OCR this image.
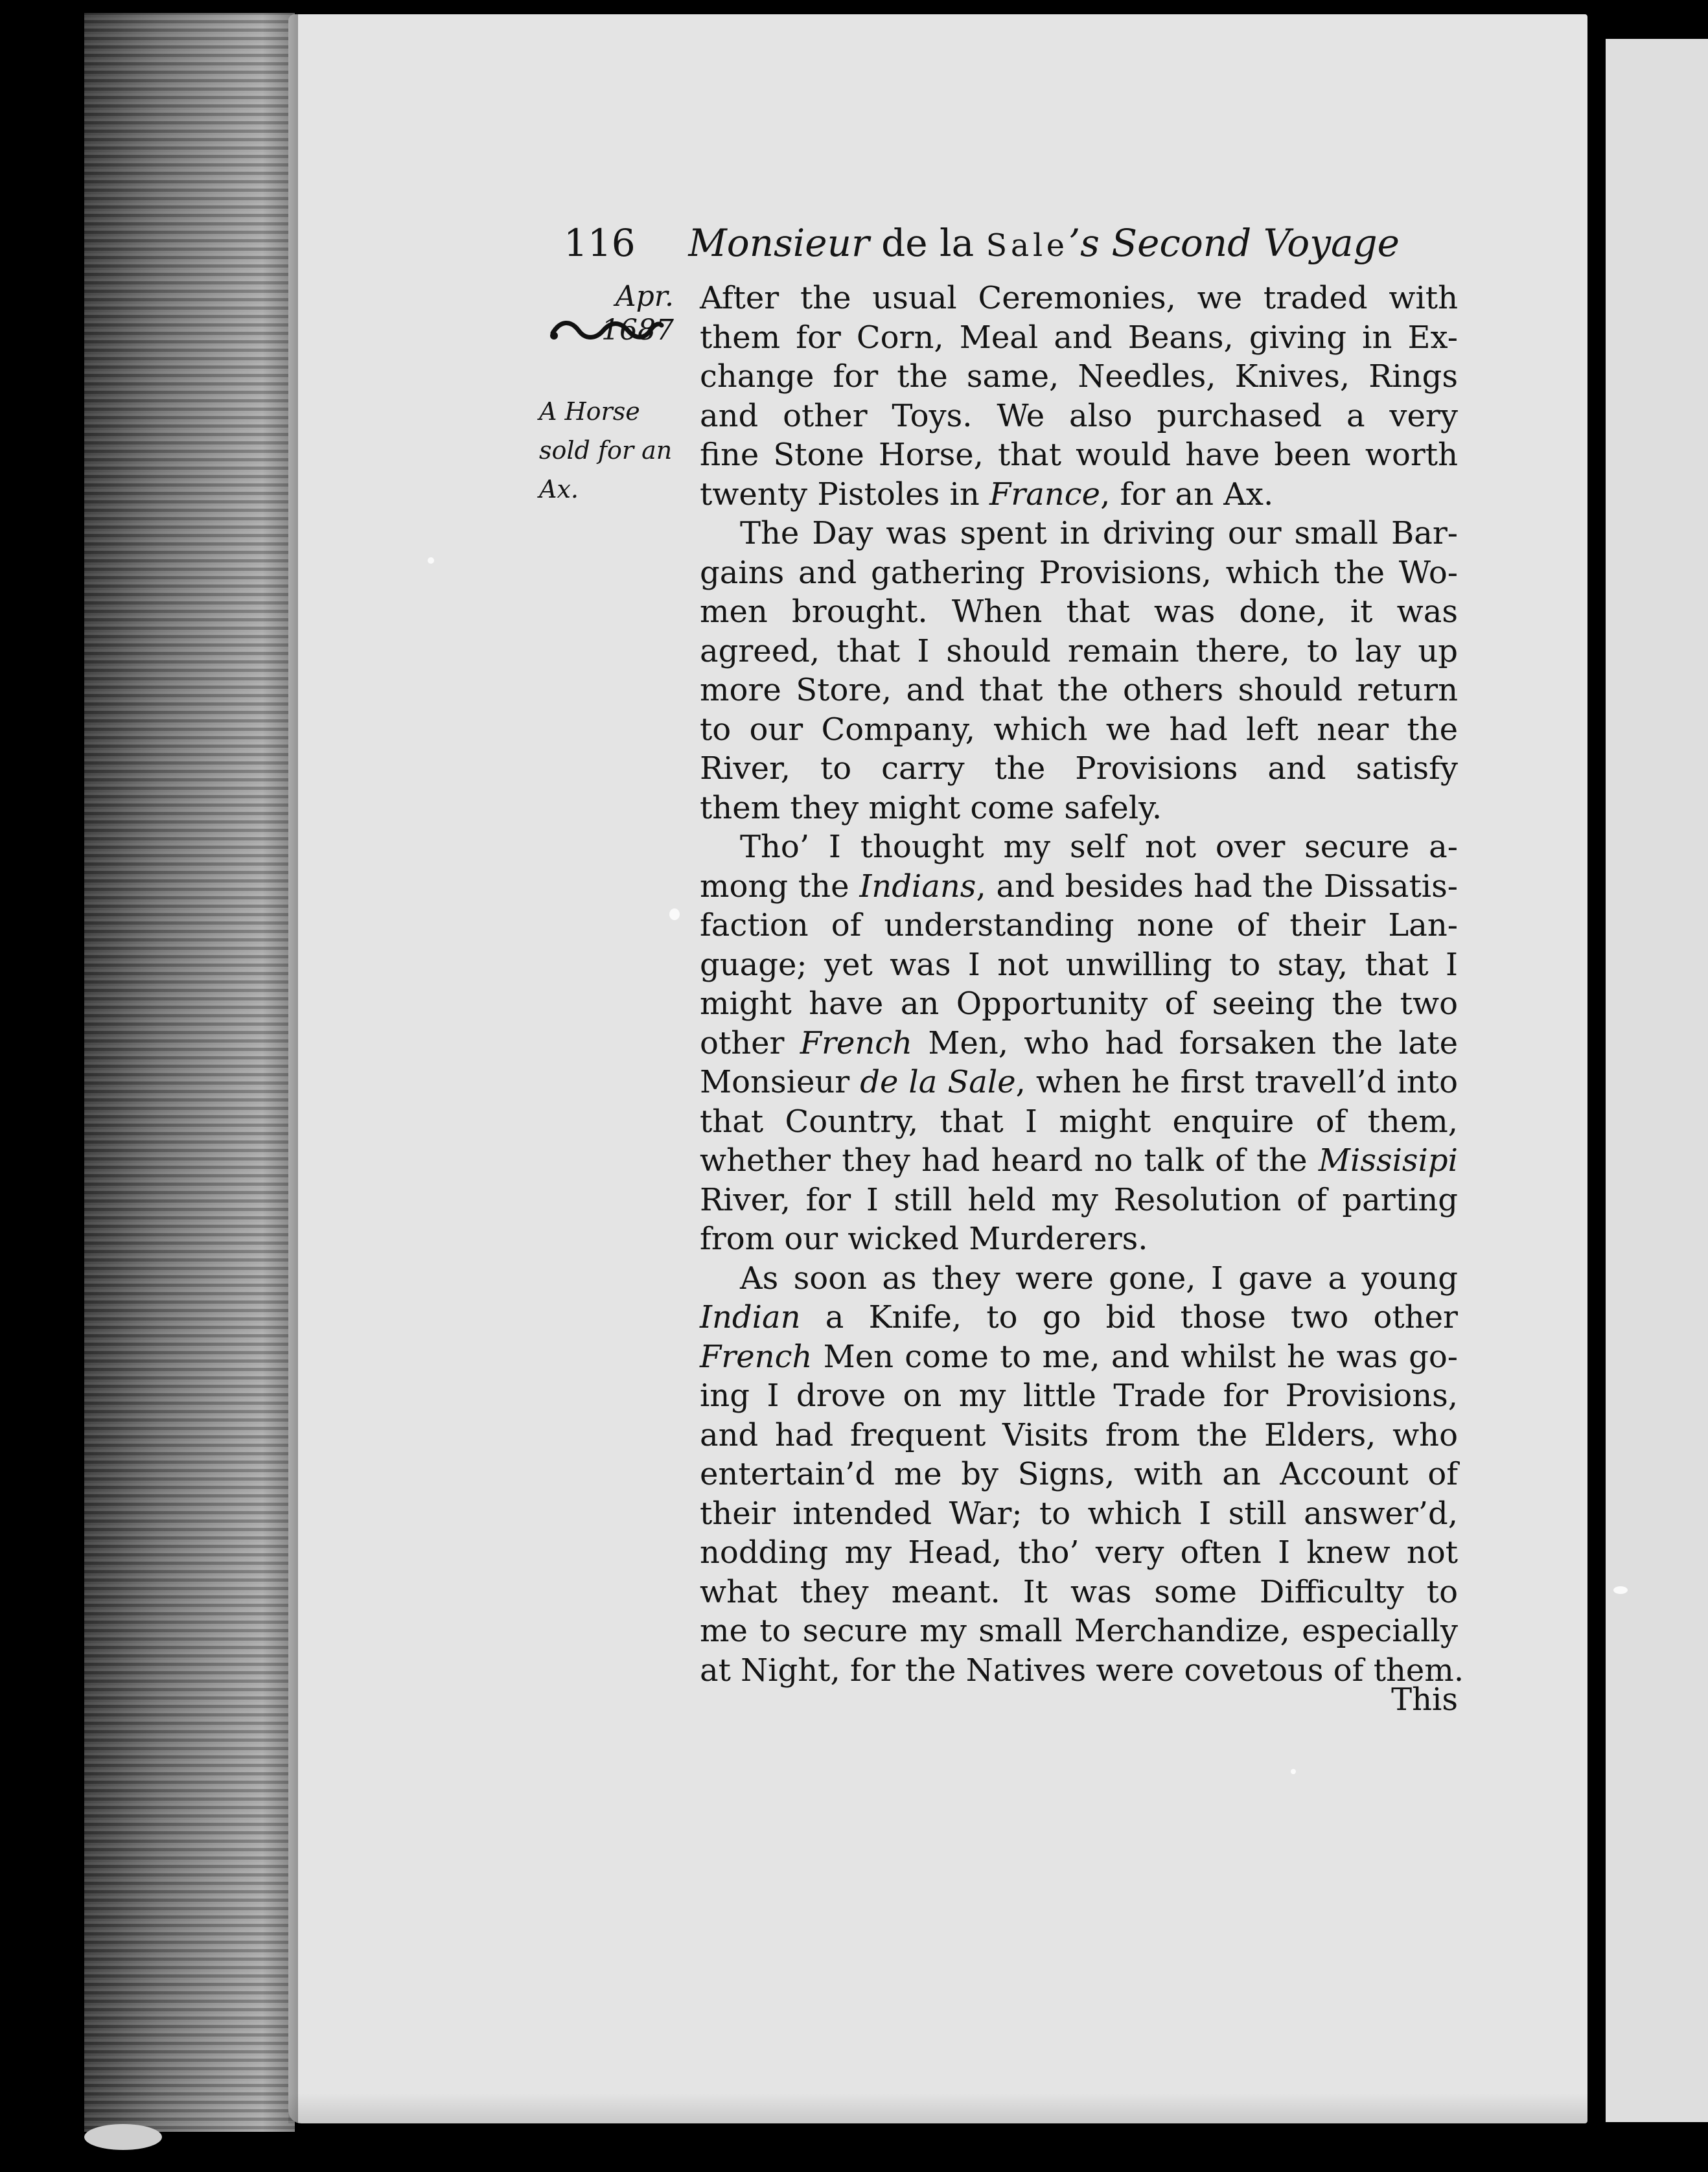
116 Monsieur de la Sale’s Second Voyage
Apr. 1687
A Horse
sold for an
Ax.
After the usual Ceremonies, we traded with
them for Corn, Meal and Beans, giving in Ex-
change for the same, Needles, Knives, Rings
and other Toys. We also purchased a very
fine Stone Horse, that would have been worth
twenty Pistoles in France, for an Ax.
The Day was spent in driving our small Bar-
gains and gathering Provisions, which the Wo-
men brought. When that was done, it was
agreed, that I should remain there, to lay up
more Store, and that the others should return
to our Company, which we had left near the
River, to carry the Provisions and satisfy
them they might come safely.
Tho’ I thought my self not over secure a-
mong the Indians, and besides had the Dissatis-
faction of understanding none of their Lan-
guage; yet was I not unwilling to stay, that I
might have an Opportunity of seeing the two
other French Men, who had forsaken the late
Monsieur de la Sale, when he first travell’d into
that Country, that I might enquire of them,
whether they had heard no talk of the Missisipi
River, for I still held my Resolution of parting
from our wicked Murderers.
As soon as they were gone, I gave a young
Indian a Knife, to go bid those two other
French Men come to me, and whilst he was go-
ing I drove on my little Trade for Provisions,
and had frequent Visits from the Elders, who
entertain’d me by Signs, with an Account of
their intended War; to which I still answer’d,
nodding my Head, tho’ very often I knew not
what they meant. It was some Difficulty to
me to secure my small Merchandize, especially
at Night, for the Natives were covetous of them.
This
